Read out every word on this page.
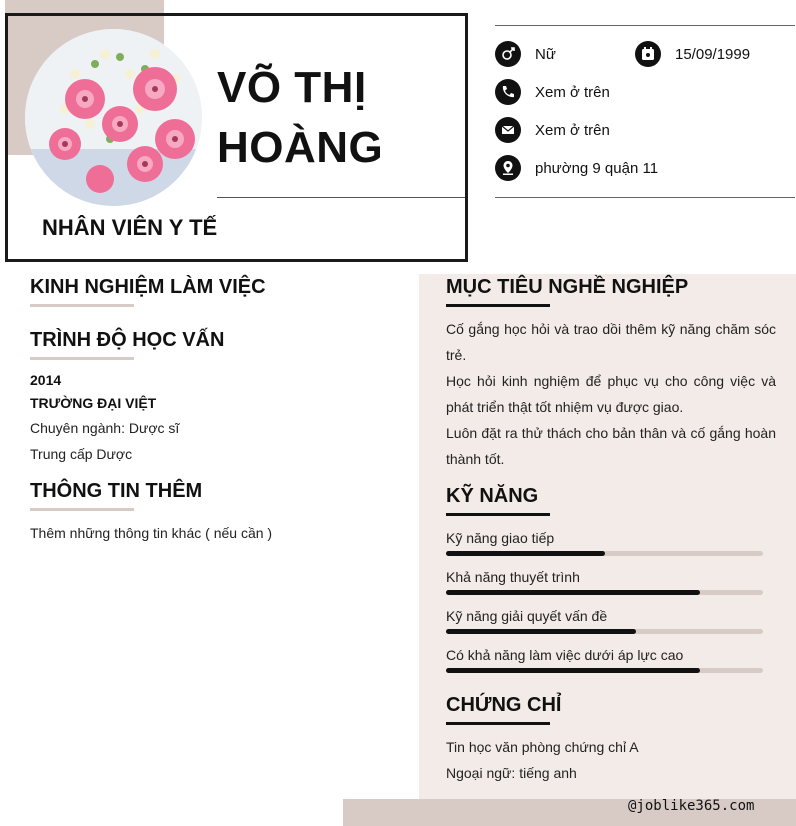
VÕ THỊ
HOÀNG
NHÂN VIÊN Y TẾ
Nữ	15/09/1999
Xem ở trên
Xem ở trên
phường 9 quận 11
KINH NGHIỆM LÀM VIỆC
TRÌNH ĐỘ HỌC VẤN
2014
TRƯỜNG ĐẠI VIỆT
Chuyên ngành: Dược sĩ
Trung cấp Dược
THÔNG TIN THÊM
Thêm những thông tin khác ( nếu cần )
MỤC TIÊU NGHỀ NGHIỆP
Cố gắng học hỏi và trao dồi thêm kỹ năng chăm sóc trẻ.
Học hỏi kinh nghiệm để phục vụ cho công việc và phát triển thật tốt nhiệm vụ được giao.
Luôn đặt ra thử thách cho bản thân và cố gắng hoàn thành tốt.
KỸ NĂNG
Kỹ năng giao tiếp
Khả năng thuyết trình
Kỹ năng giải quyết vấn đề
Có khả năng làm việc dưới áp lực cao
CHỨNG CHỈ
Tin học văn phòng chứng chỉ A
Ngoại ngữ: tiếng anh
@joblike365.com
